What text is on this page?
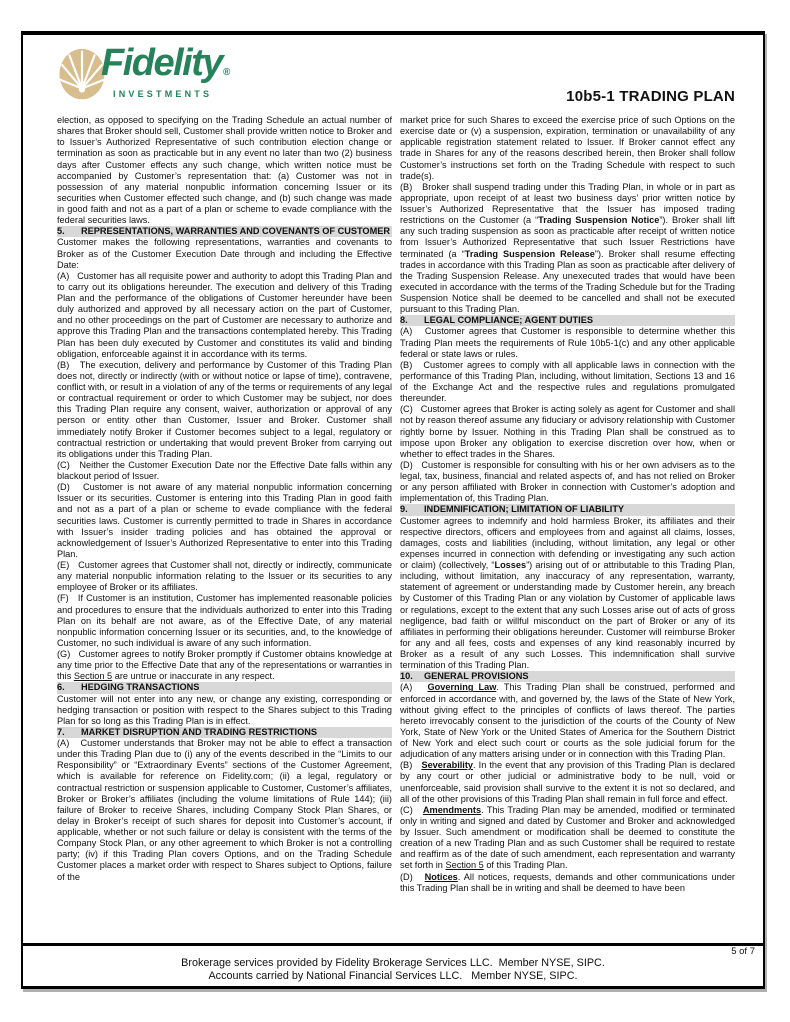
Fidelity®
INVESTMENTS	10b5-1 TRADING PLAN

election, as opposed to specifying on the Trading Schedule an actual number of shares that Broker should sell, Customer shall provide written notice to Broker and to Issuer’s Authorized Representative of such contribution election change or termination as soon as practicable but in any event no later than two (2) business days after Customer effects any such change, which written notice must be accompanied by Customer’s representation that: (a) Customer was not in possession of any material nonpublic information concerning Issuer or its securities when Customer effected such change, and (b) such change was made in good faith and not as a part of a plan or scheme to evade compliance with the federal securities laws.

5.	REPRESENTATIONS, WARRANTIES AND COVENANTS OF CUSTOMER

Customer makes the following representations, warranties and covenants to Broker as of the Customer Execution Date through and including the Effective Date:

(A)   Customer has all requisite power and authority to adopt this Trading Plan and to carry out its obligations hereunder. The execution and delivery of this Trading Plan and the performance of the obligations of Customer hereunder have been duly authorized and approved by all necessary action on the part of Customer, and no other proceedings on the part of Customer are necessary to authorize and approve this Trading Plan and the transactions contemplated hereby. This Trading Plan has been duly executed by Customer and constitutes its valid and binding obligation, enforceable against it in accordance with its terms.

(B)   The execution, delivery and performance by Customer of this Trading Plan does not, directly or indirectly (with or without notice or lapse of time), contravene, conflict with, or result in a violation of any of the terms or requirements of any legal or contractual requirement or order to which Customer may be subject, nor does this Trading Plan require any consent, waiver, authorization or approval of any person or entity other than Customer, Issuer and Broker. Customer shall immediately notify Broker if Customer becomes subject to a legal, regulatory or contractual restriction or undertaking that would prevent Broker from carrying out its obligations under this Trading Plan.

(C)   Neither the Customer Execution Date nor the Effective Date falls within any blackout period of Issuer.

(D)   Customer is not aware of any material nonpublic information concerning Issuer or its securities. Customer is entering into this Trading Plan in good faith and not as a part of a plan or scheme to evade compliance with the federal securities laws. Customer is currently permitted to trade in Shares in accordance with Issuer’s insider trading policies and has obtained the approval or acknowledgement of Issuer’s Authorized Representative to enter into this Trading Plan.

(E)   Customer agrees that Customer shall not, directly or indirectly, communicate any material nonpublic information relating to the Issuer or its securities to any employee of Broker or its affiliates.

(F)   If Customer is an institution, Customer has implemented reasonable policies and procedures to ensure that the individuals authorized to enter into this Trading Plan on its behalf are not aware, as of the Effective Date, of any material nonpublic information concerning Issuer or its securities, and, to the knowledge of Customer, no such individual is aware of any such information.

(G)   Customer agrees to notify Broker promptly if Customer obtains knowledge at any time prior to the Effective Date that any of the representations or warranties in this Section 5 are untrue or inaccurate in any respect.

6.	HEDGING TRANSACTIONS

Customer will not enter into any new, or change any existing, corresponding or hedging transaction or position with respect to the Shares subject to this Trading Plan for so long as this Trading Plan is in effect.

7.	MARKET DISRUPTION AND TRADING RESTRICTIONS

(A)   Customer understands that Broker may not be able to effect a transaction under this Trading Plan due to (i) any of the events described in the “Limits to our Responsibility” or “Extraordinary Events” sections of the Customer Agreement, which is available for reference on Fidelity.com; (ii) a legal, regulatory or contractual restriction or suspension applicable to Customer, Customer’s affiliates, Broker or Broker’s affiliates (including the volume limitations of Rule 144); (iii) failure of Broker to receive Shares, including Company Stock Plan Shares, or delay in Broker’s receipt of such shares for deposit into Customer’s account, if applicable, whether or not such failure or delay is consistent with the terms of the Company Stock Plan, or any other agreement to which Broker is not a controlling party; (iv) if this Trading Plan covers Options, and on the Trading Schedule Customer places a market order with respect to Shares subject to Options, failure of the

market price for such Shares to exceed the exercise price of such Options on the exercise date or (v) a suspension, expiration, termination or unavailability of any applicable registration statement related to Issuer. If Broker cannot effect any trade in Shares for any of the reasons described herein, then Broker shall follow Customer’s instructions set forth on the Trading Schedule with respect to such trade(s).

(B)   Broker shall suspend trading under this Trading Plan, in whole or in part as appropriate, upon receipt of at least two business days’ prior written notice by Issuer’s Authorized Representative that the Issuer has imposed trading restrictions on the Customer (a “Trading Suspension Notice”). Broker shall lift any such trading suspension as soon as practicable after receipt of written notice from Issuer’s Authorized Representative that such Issuer Restrictions have terminated (a “Trading Suspension Release”). Broker shall resume effecting trades in accordance with this Trading Plan as soon as practicable after delivery of the Trading Suspension Release. Any unexecuted trades that would have been executed in accordance with the terms of the Trading Schedule but for the Trading Suspension Notice shall be deemed to be cancelled and shall not be executed pursuant to this Trading Plan.

8.	LEGAL COMPLIANCE; AGENT DUTIES

(A)   Customer agrees that Customer is responsible to determine whether this Trading Plan meets the requirements of Rule 10b5-1(c) and any other applicable federal or state laws or rules.

(B)   Customer agrees to comply with all applicable laws in connection with the performance of this Trading Plan, including, without limitation, Sections 13 and 16 of the Exchange Act and the respective rules and regulations promulgated thereunder.

(C)   Customer agrees that Broker is acting solely as agent for Customer and shall not by reason thereof assume any fiduciary or advisory relationship with Customer rightly borne by Issuer. Nothing in this Trading Plan shall be construed as to impose upon Broker any obligation to exercise discretion over how, when or whether to effect trades in the Shares.

(D)   Customer is responsible for consulting with his or her own advisers as to the legal, tax, business, financial and related aspects of, and has not relied on Broker or any person affiliated with Broker in connection with Customer’s adoption and implementation of, this Trading Plan.

9.	INDEMNIFICATION; LIMITATION OF LIABILITY

Customer agrees to indemnify and hold harmless Broker, its affiliates and their respective directors, officers and employees from and against all claims, losses, damages, costs and liabilities (including, without limitation, any legal or other expenses incurred in connection with defending or investigating any such action or claim) (collectively, “Losses”) arising out of or attributable to this Trading Plan, including, without limitation, any inaccuracy of any representation, warranty, statement of agreement or understanding made by Customer herein, any breach by Customer of this Trading Plan or any violation by Customer of applicable laws or regulations, except to the extent that any such Losses arise out of acts of gross negligence, bad faith or willful misconduct on the part of Broker or any of its affiliates in performing their obligations hereunder. Customer will reimburse Broker for any and all fees, costs and expenses of any kind reasonably incurred by Broker as a result of any such Losses. This indemnification shall survive termination of this Trading Plan.

10.	GENERAL PROVISIONS

(A)   Governing Law. This Trading Plan shall be construed, performed and enforced in accordance with, and governed by, the laws of the State of New York, without giving effect to the principles of conflicts of laws thereof. The parties hereto irrevocably consent to the jurisdiction of the courts of the County of New York, State of New York or the United States of America for the Southern District of New York and elect such court or courts as the sole judicial forum for the adjudication of any matters arising under or in connection with this Trading Plan.

(B)   Severability. In the event that any provision of this Trading Plan is declared by any court or other judicial or administrative body to be null, void or unenforceable, said provision shall survive to the extent it is not so declared, and all of the other provisions of this Trading Plan shall remain in full force and effect.

(C)   Amendments. This Trading Plan may be amended, modified or terminated only in writing and signed and dated by Customer and Broker and acknowledged by Issuer. Such amendment or modification shall be deemed to constitute the creation of a new Trading Plan and as such Customer shall be required to restate and reaffirm as of the date of such amendment, each representation and warranty set forth in Section 5 of this Trading Plan.

(D)   Notices. All notices, requests, demands and other communications under this Trading Plan shall be in writing and shall be deemed to have been

5 of 7
Brokerage services provided by Fidelity Brokerage Services LLC.  Member NYSE, SIPC.
Accounts carried by National Financial Services LLC.   Member NYSE, SIPC.
